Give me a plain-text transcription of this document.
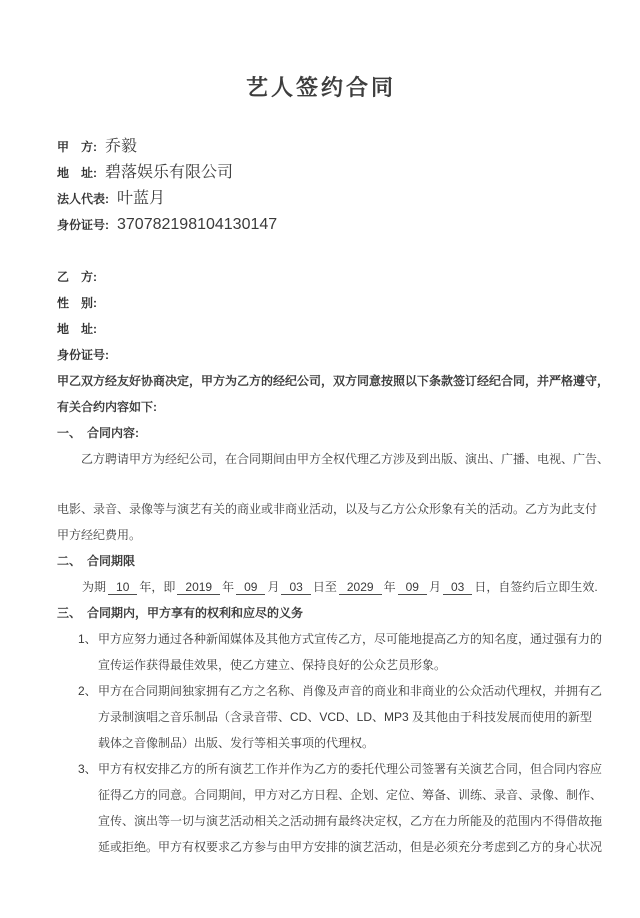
艺人签约合同
甲　方: 乔毅
地　址: 碧落娱乐有限公司
法人代表: 叶蓝月
身份证号: 370782198104130147
乙　方:
性　别:
地　址:
身份证号:

甲乙双方经友好协商决定，甲方为乙方的经纪公司，双方同意按照以下条款签订经纪合同，并严格遵守，

有关合约内容如下:

一、 合同内容:

乙方聘请甲方为经纪公司，在合同期间由甲方全权代理乙方涉及到出版、演出、广播、电视、广告、

电影、录音、录像等与演艺有关的商业或非商业活动，以及与乙方公众形象有关的活动。乙方为此支付

甲方经纪费用。

二、 合同期限

为期 10 年，即 2019 年 09 月 03 日至 2029 年 09 月 03 日，自签约后立即生效.

三、 合同期内，甲方享有的权利和应尽的义务

1、 甲方应努力通过各种新闻媒体及其他方式宣传乙方，尽可能地提高乙方的知名度，通过强有力的

宣传运作获得最佳效果，使乙方建立、保持良好的公众艺员形象。

2、 甲方在合同期间独家拥有乙方之名称、肖像及声音的商业和非商业的公众活动代理权，并拥有乙

方录制演唱之音乐制品（含录音带、CD、VCD、LD、MP3 及其他由于科技发展而使用的新型

载体之音像制品）出版、发行等相关事项的代理权。

3、 甲方有权安排乙方的所有演艺工作并作为乙方的委托代理公司签署有关演艺合同，但合同内容应

征得乙方的同意。合同期间，甲方对乙方日程、企划、定位、筹备、训练、录音、录像、制作、

宣传、演出等一切与演艺活动相关之活动拥有最终决定权，乙方在力所能及的范围内不得借故拖

延或拒绝。甲方有权要求乙方参与由甲方安排的演艺活动，但是必须充分考虑到乙方的身心状况
